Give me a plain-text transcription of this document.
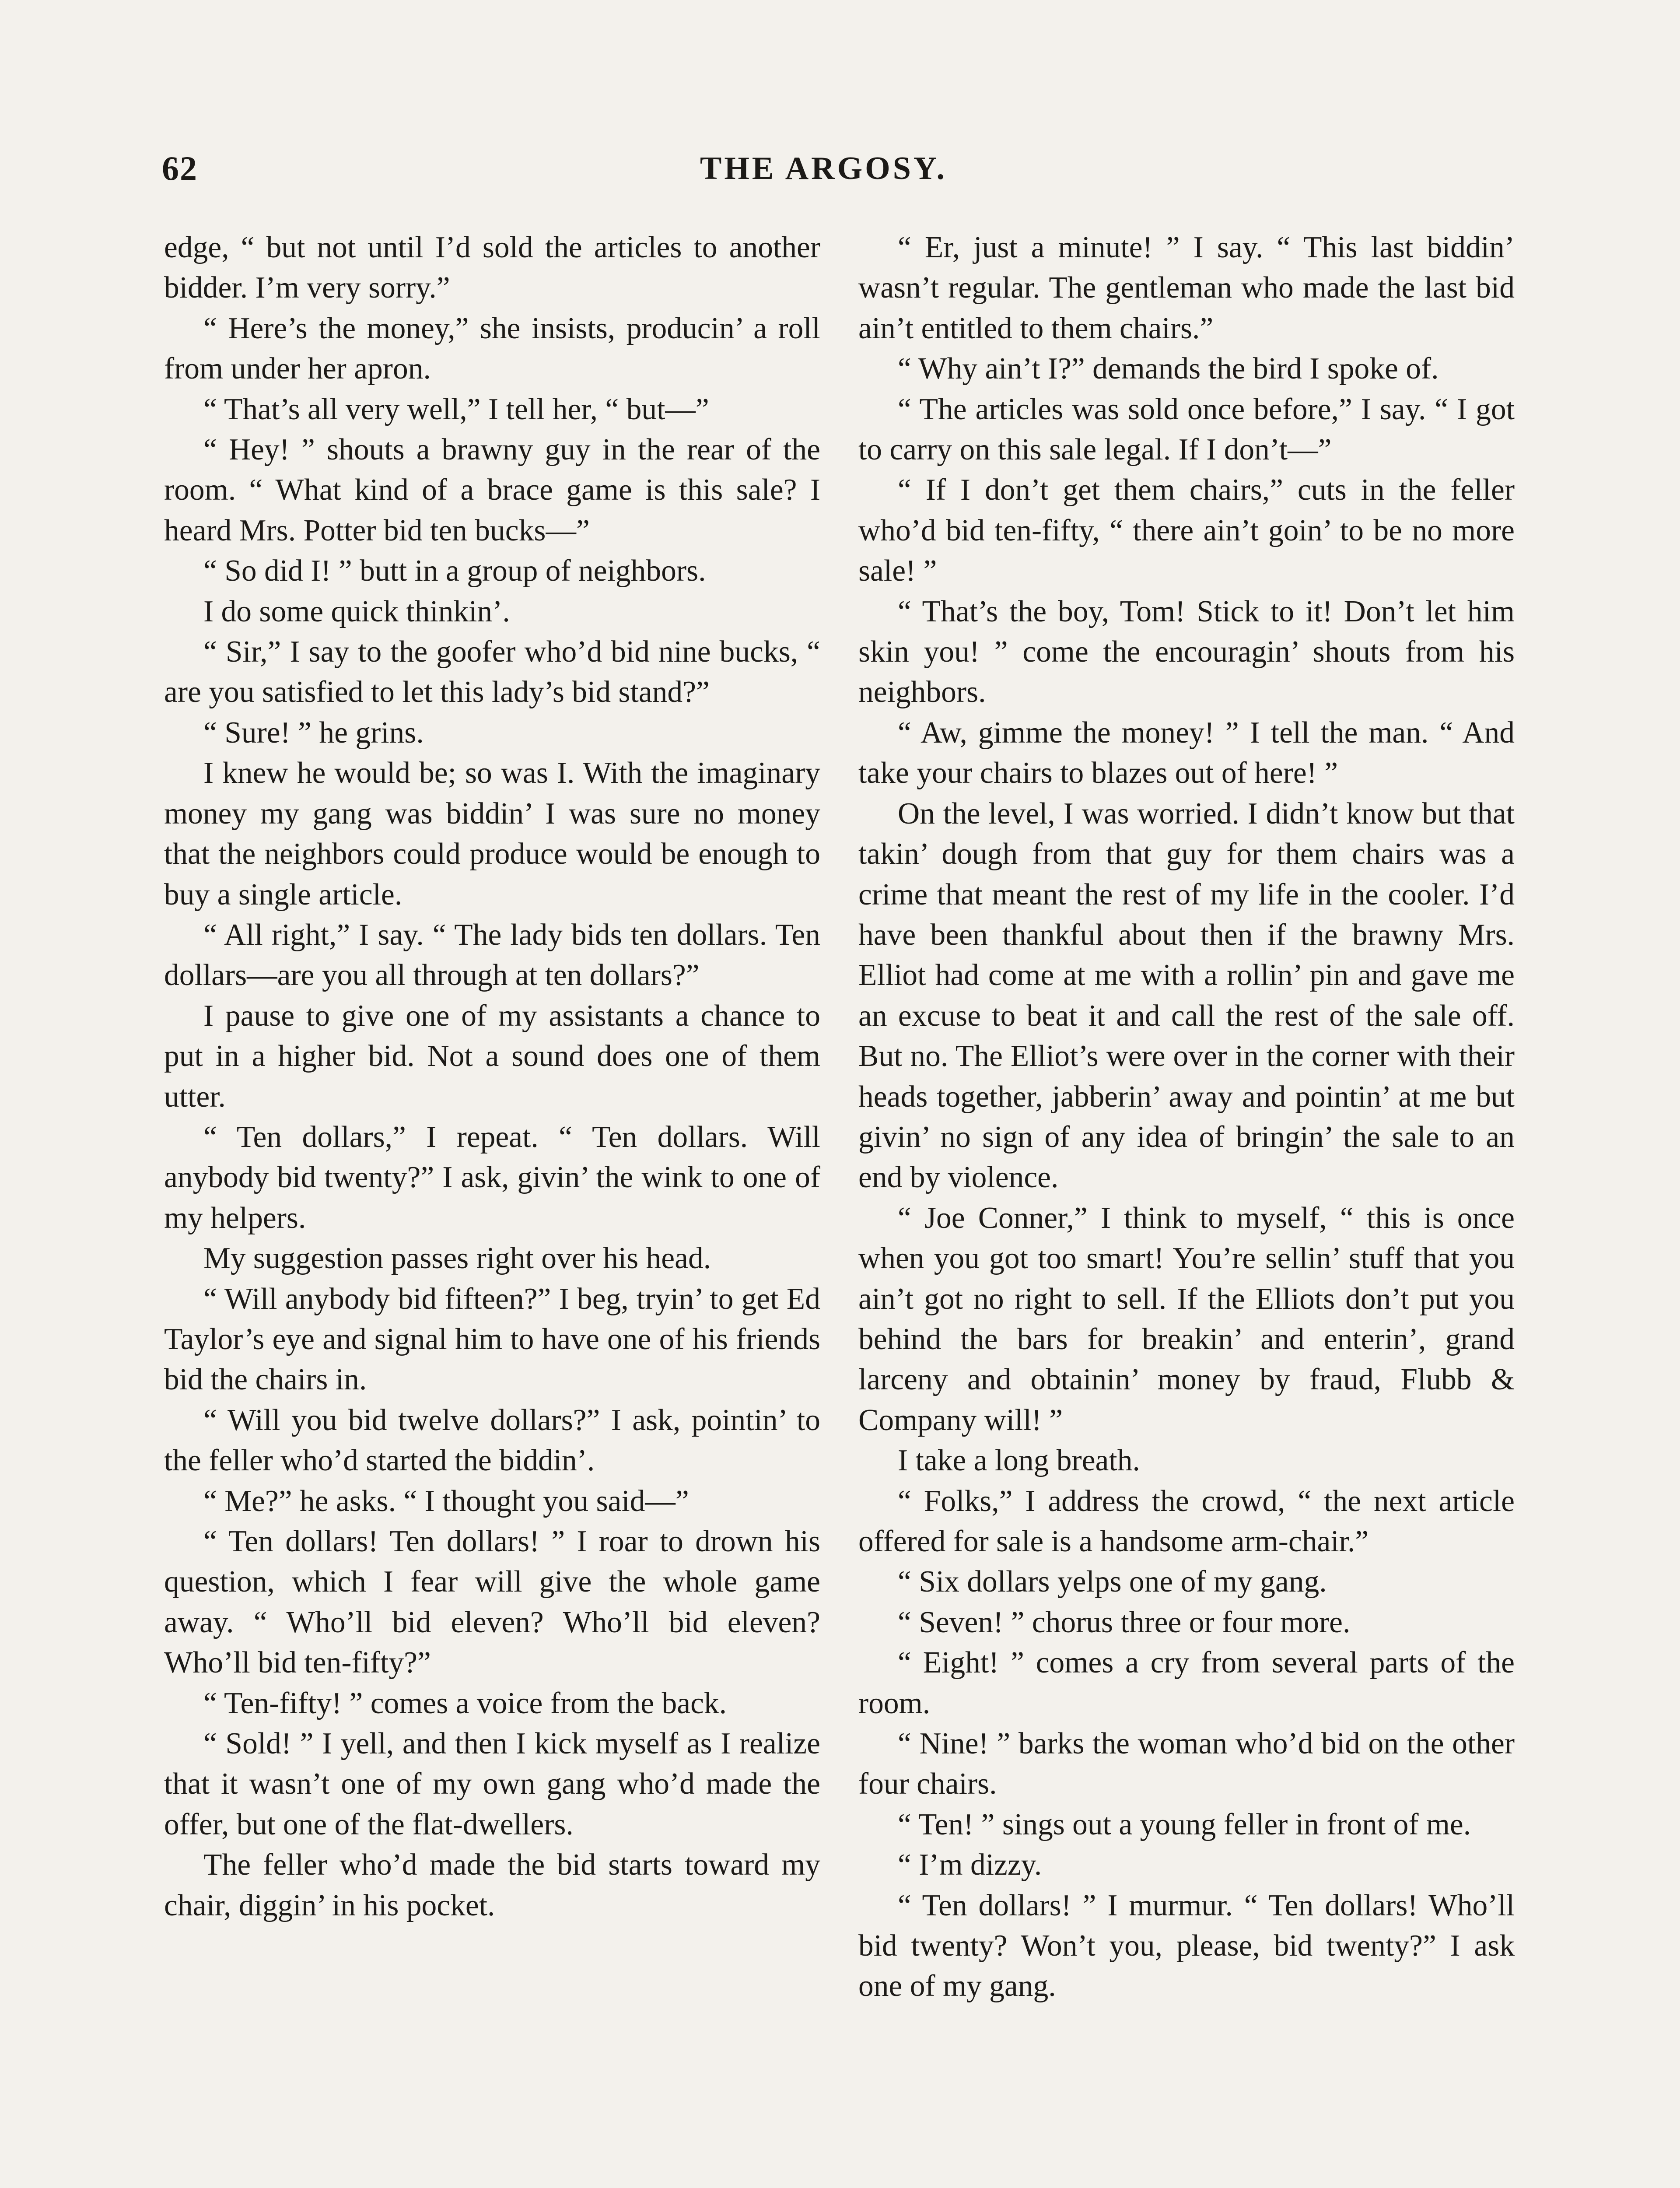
62	THE ARGOSY.

edge, “ but not until I’d sold the articles to another bidder. I’m very sorry.”

“ Here’s the money,” she insists, producin’ a roll from under her apron.

“ That’s all very well,” I tell her, “ but—”

“ Hey! ” shouts a brawny guy in the rear of the room. “ What kind of a brace game is this sale? I heard Mrs. Potter bid ten bucks—”

“ So did I! ” butt in a group of neighbors.

I do some quick thinkin’.

“ Sir,” I say to the goofer who’d bid nine bucks, “ are you satisfied to let this lady’s bid stand?”

“ Sure! ” he grins.

I knew he would be; so was I. With the imaginary money my gang was biddin’ I was sure no money that the neighbors could produce would be enough to buy a single article.

“ All right,” I say. “ The lady bids ten dollars. Ten dollars—are you all through at ten dollars?”

I pause to give one of my assistants a chance to put in a higher bid. Not a sound does one of them utter.

“ Ten dollars,” I repeat. “ Ten dollars. Will anybody bid twenty?” I ask, givin’ the wink to one of my helpers.

My suggestion passes right over his head.

“ Will anybody bid fifteen?” I beg, tryin’ to get Ed Taylor’s eye and signal him to have one of his friends bid the chairs in.

“ Will you bid twelve dollars?” I ask, pointin’ to the feller who’d started the biddin’.

“ Me?” he asks. “ I thought you said—”

“ Ten dollars! Ten dollars! ” I roar to drown his question, which I fear will give the whole game away. “ Who’ll bid eleven? Who’ll bid eleven? Who’ll bid ten-fifty?”

“ Ten-fifty! ” comes a voice from the back.

“ Sold! ” I yell, and then I kick myself as I realize that it wasn’t one of my own gang who’d made the offer, but one of the flat-dwellers.

The feller who’d made the bid starts toward my chair, diggin’ in his pocket.

“ Er, just a minute! ” I say. “ This last biddin’ wasn’t regular. The gentleman who made the last bid ain’t entitled to them chairs.”

“ Why ain’t I?” demands the bird I spoke of.

“ The articles was sold once before,” I say. “ I got to carry on this sale legal. If I don’t—”

“ If I don’t get them chairs,” cuts in the feller who’d bid ten-fifty, “ there ain’t goin’ to be no more sale! ”

“ That’s the boy, Tom! Stick to it! Don’t let him skin you! ” come the encouragin’ shouts from his neighbors.

“ Aw, gimme the money! ” I tell the man. “ And take your chairs to blazes out of here! ”

On the level, I was worried. I didn’t know but that takin’ dough from that guy for them chairs was a crime that meant the rest of my life in the cooler. I’d have been thankful about then if the brawny Mrs. Elliot had come at me with a rollin’ pin and gave me an excuse to beat it and call the rest of the sale off. But no. The Elliot’s were over in the corner with their heads together, jabberin’ away and pointin’ at me but givin’ no sign of any idea of bringin’ the sale to an end by violence.

“ Joe Conner,” I think to myself, “ this is once when you got too smart! You’re sellin’ stuff that you ain’t got no right to sell. If the Elliots don’t put you behind the bars for breakin’ and enterin’, grand larceny and obtainin’ money by fraud, Flubb & Company will! ”

I take a long breath.

“ Folks,” I address the crowd, “ the next article offered for sale is a handsome arm-chair.”

“ Six dollars yelps one of my gang.

“ Seven! ” chorus three or four more.

“ Eight! ” comes a cry from several parts of the room.

“ Nine! ” barks the woman who’d bid on the other four chairs.

“ Ten! ” sings out a young feller in front of me.

“ I’m dizzy.

“ Ten dollars! ” I murmur. “ Ten dollars! Who’ll bid twenty? Won’t you, please, bid twenty?” I ask one of my gang.
